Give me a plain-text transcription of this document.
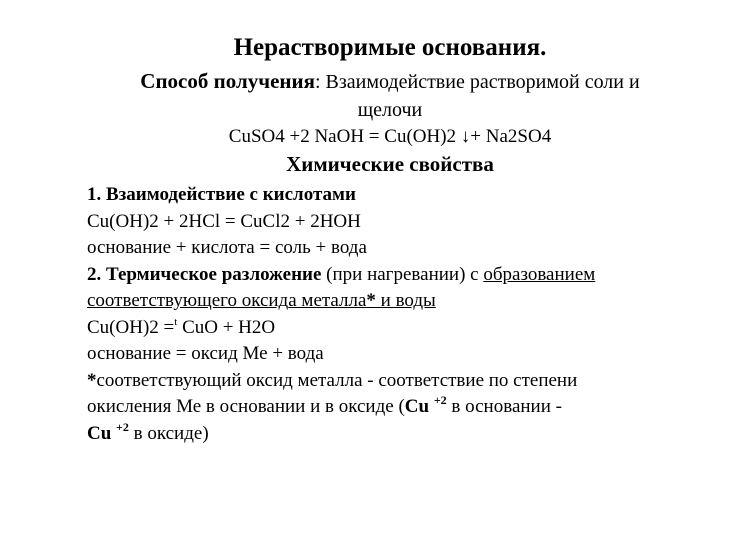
Нерастворимые основания.
Способ получения: Взаимодействие растворимой соли и
щелочи
CuSO4 +2 NaOH = Cu(OH)2 ↓+ Na2SO4
Химические свойства
1. Взаимодействие с кислотами
Cu(OH)2 + 2HCl = CuCl2 + 2HOH
основание + кислота = соль + вода
2. Термическое разложение (при нагревании) с образованием
соответствующего оксида металла* и воды
Cu(OH)2 =$^t$ CuO + H2O
основание = оксид Ме + вода
*соответствующий оксид металла - соответствие по степени
окисления Ме в основании и в оксиде (Cu $^{+2}$ в основании -
Cu $^{+2}$ в оксиде)
